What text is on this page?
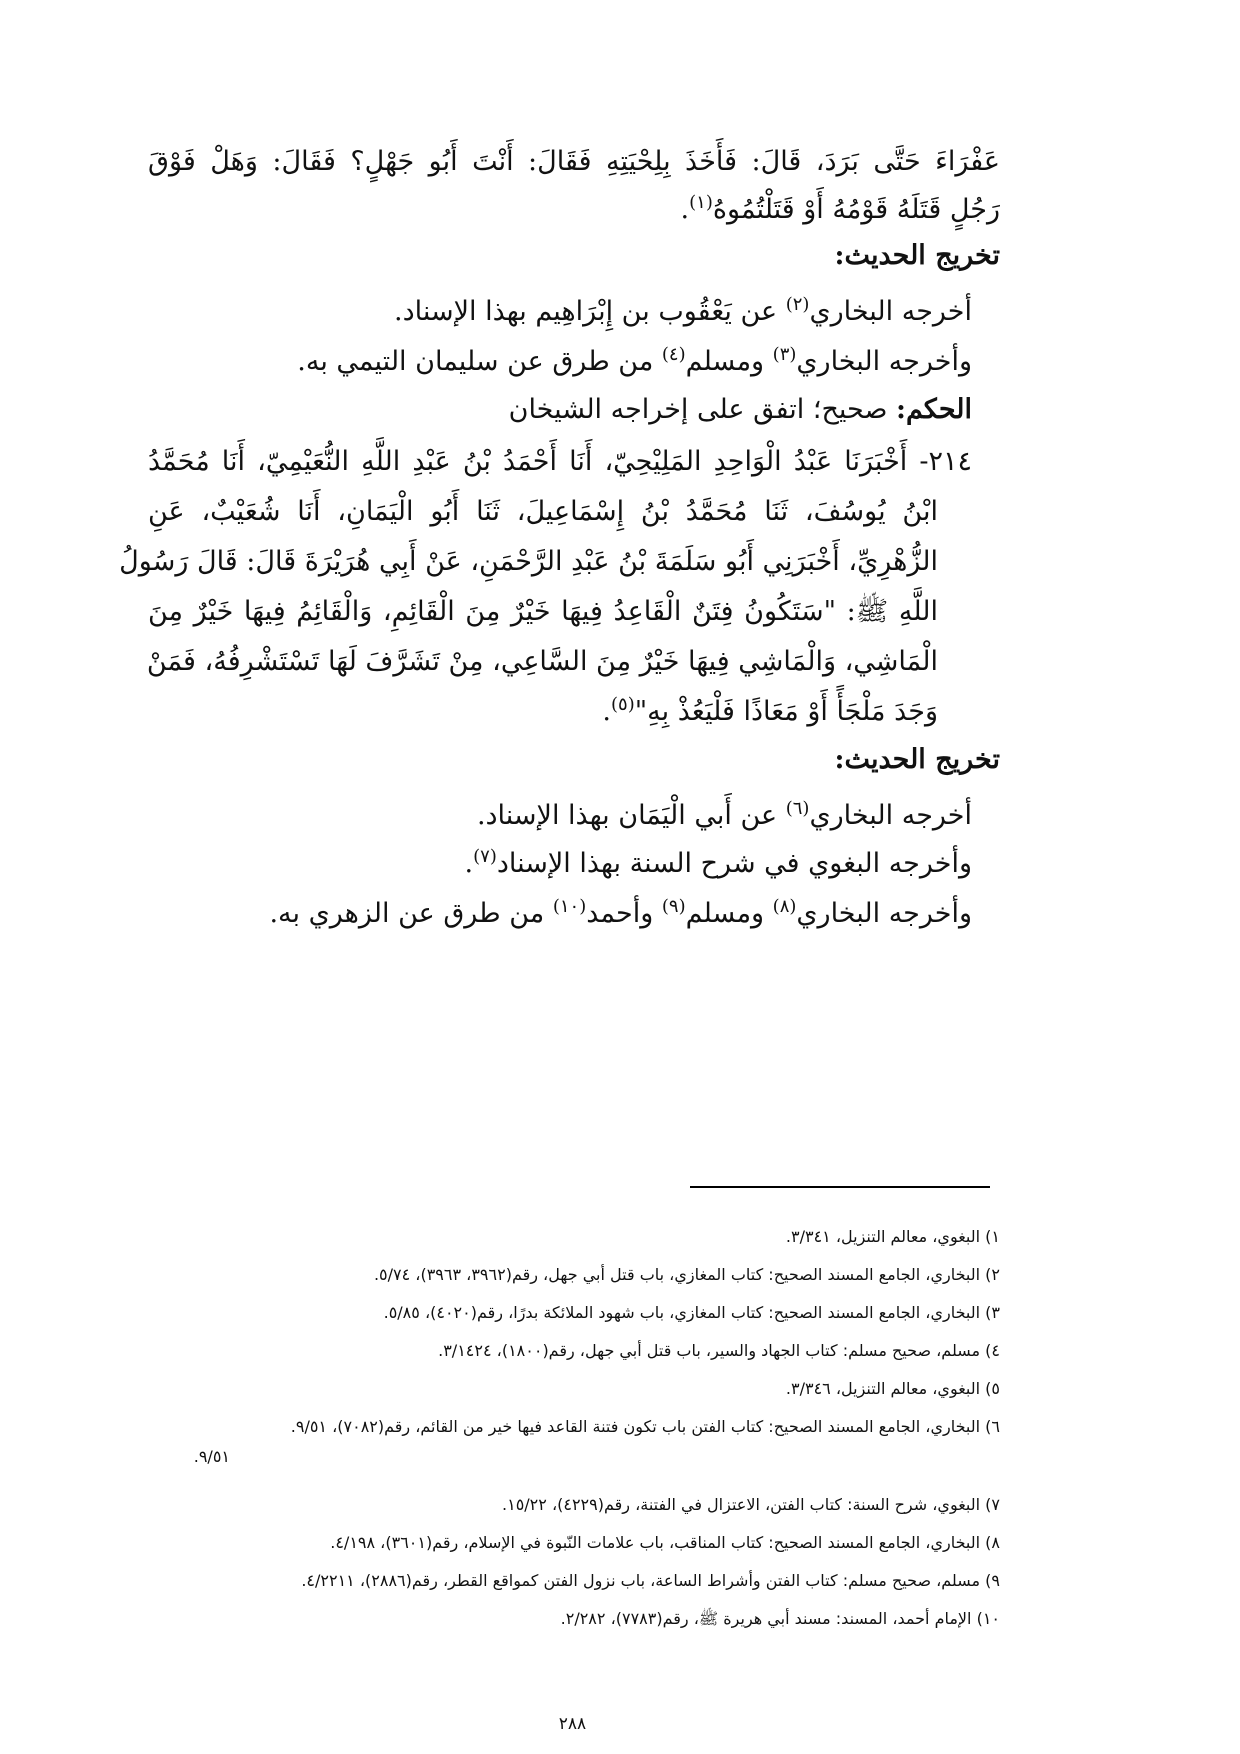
عَفْرَاءَ حَتَّى بَرَدَ، قَالَ: فَأَخَذَ بِلِحْيَتِهِ فَقَالَ: أَنْتَ أَبُو جَهْلٍ؟ فَقَالَ: وَهَلْ فَوْقَ
رَجُلٍ قَتَلَهُ قَوْمُهُ أَوْ قَتَلْتُمُوهُ$^{(١)}$.
تخريج الحديث:
أخرجه البخاري$^{(٢)}$ عن يَعْقُوب بن إِبْرَاهِيم بهذا الإسناد.
وأخرجه البخاري$^{(٣)}$ ومسلم$^{(٤)}$ من طرق عن سليمان التيمي به.
الحكم: صحيح؛ اتفق على إخراجه الشيخان
٢١٤- أَخْبَرَنَا عَبْدُ الْوَاحِدِ المَلِيْحِيّ، أَنَا أَحْمَدُ بْنُ عَبْدِ اللَّهِ النُّعَيْمِيّ، أَنَا مُحَمَّدُ
ابْنُ يُوسُفَ، ثَنَا مُحَمَّدُ بْنُ إِسْمَاعِيلَ، ثَنَا أَبُو الْيَمَانِ، أَنَا شُعَيْبٌ، عَنِ
الزُّهْرِيِّ، أَخْبَرَنِي أَبُو سَلَمَةَ بْنُ عَبْدِ الرَّحْمَنِ، عَنْ أَبِي هُرَيْرَةَ قَالَ: قَالَ رَسُولُ
اللَّهِ ﷺ: "سَتَكُونُ فِتَنٌ الْقَاعِدُ فِيهَا خَيْرٌ مِنَ الْقَائِمِ، وَالْقَائِمُ فِيهَا خَيْرٌ مِنَ
الْمَاشِي، وَالْمَاشِي فِيهَا خَيْرٌ مِنَ السَّاعِي، مِنْ تَشَرَّفَ لَهَا تَسْتَشْرِفُهُ، فَمَنْ
وَجَدَ مَلْجَأً أَوْ مَعَاذًا فَلْيَعُذْ بِهِ"$^{(٥)}$.
تخريج الحديث:
أخرجه البخاري$^{(٦)}$ عن أَبي الْيَمَان بهذا الإسناد.
وأخرجه البغوي في شرح السنة بهذا الإسناد$^{(٧)}$.
وأخرجه البخاري$^{(٨)}$ ومسلم$^{(٩)}$ وأحمد$^{(١٠)}$ من طرق عن الزهري به.
١) البغوي، معالم التنزيل، ٣/٣٤١.
٢) البخاري، الجامع المسند الصحيح: كتاب المغازي، باب قتل أبي جهل، رقم(٣٩٦٢، ٣٩٦٣)، ٥/٧٤.
٣) البخاري، الجامع المسند الصحيح: كتاب المغازي، باب شهود الملائكة بدرًا، رقم(٤٠٢٠)، ٥/٨٥.
٤) مسلم، صحيح مسلم: كتاب الجهاد والسير، باب قتل أبي جهل، رقم(١٨٠٠)، ٣/١٤٢٤.
٥) البغوي، معالم التنزيل، ٣/٣٤٦.
٦) البخاري، الجامع المسند الصحيح: كتاب الفتن باب تكون فتنة القاعد فيها خير من القائم، رقم(٧٠٨٢)، ٩/٥١.
٩/٥١.
٧) البغوي، شرح السنة: كتاب الفتن، الاعتزال في الفتنة، رقم(٤٢٢٩)، ١٥/٢٢.
٨) البخاري، الجامع المسند الصحيح: كتاب المناقب، باب علامات النّبوة في الإسلام، رقم(٣٦٠١)، ٤/١٩٨.
٩) مسلم، صحيح مسلم: كتاب الفتن وأشراط الساعة، باب نزول الفتن كمواقع القطر، رقم(٢٨٨٦)، ٤/٢٢١١.
١٠) الإمام أحمد، المسند: مسند أبي هريرة ﷺ، رقم(٧٧٨٣)، ٢/٢٨٢.
٢٨٨
